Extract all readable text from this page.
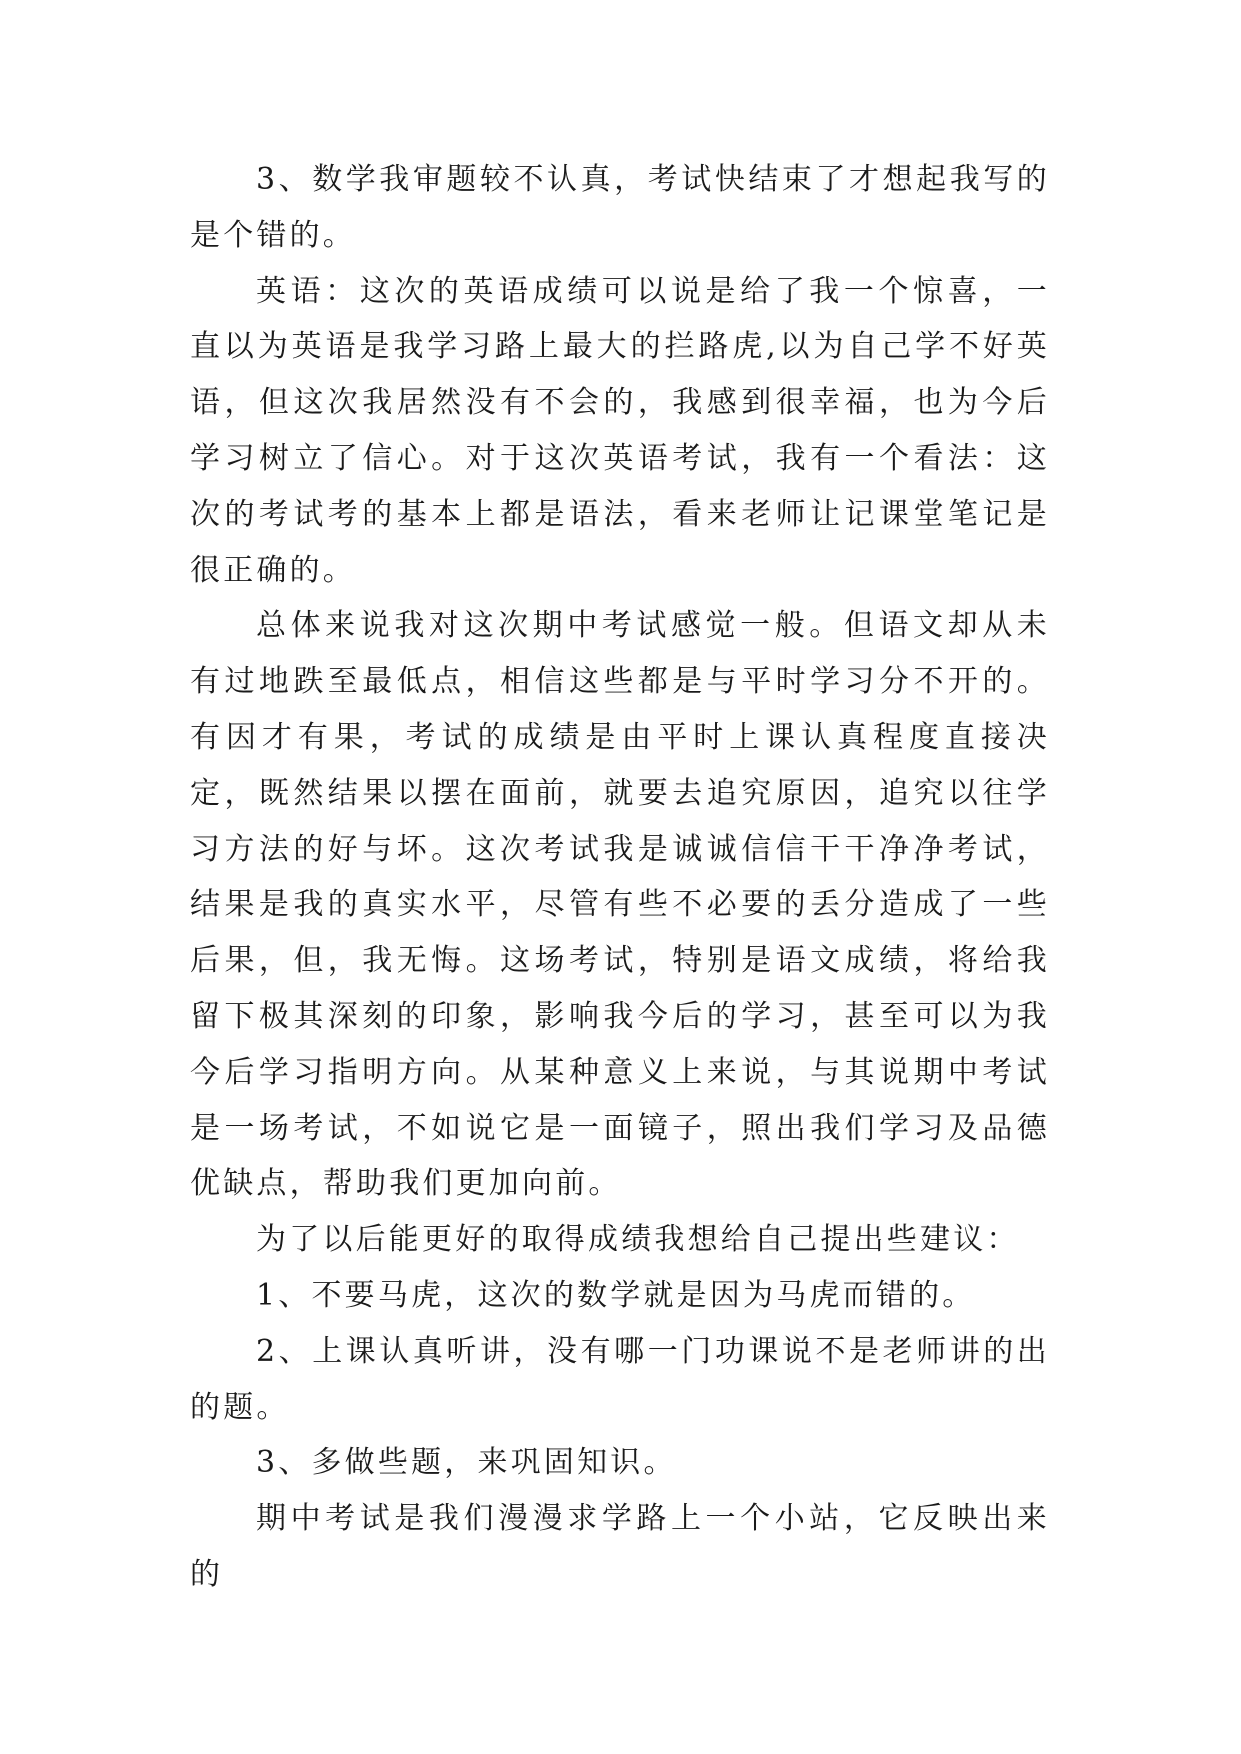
3、数学我审题较不认真，考试快结束了才想起我写的是个错的。

英语：这次的英语成绩可以说是给了我一个惊喜，一直以为英语是我学习路上最大的拦路虎,以为自己学不好英语，但这次我居然没有不会的，我感到很幸福，也为今后学习树立了信心。对于这次英语考试，我有一个看法：这次的考试考的基本上都是语法，看来老师让记课堂笔记是很正确的。

总体来说我对这次期中考试感觉一般。但语文却从未有过地跌至最低点，相信这些都是与平时学习分不开的。有因才有果，考试的成绩是由平时上课认真程度直接决定，既然结果以摆在面前，就要去追究原因，追究以往学习方法的好与坏。这次考试我是诚诚信信干干净净考试，结果是我的真实水平，尽管有些不必要的丢分造成了一些后果，但，我无悔。这场考试，特别是语文成绩，将给我留下极其深刻的印象，影响我今后的学习，甚至可以为我今后学习指明方向。从某种意义上来说，与其说期中考试是一场考试，不如说它是一面镜子，照出我们学习及品德优缺点，帮助我们更加向前。

为了以后能更好的取得成绩我想给自己提出些建议：

1、不要马虎，这次的数学就是因为马虎而错的。

2、上课认真听讲，没有哪一门功课说不是老师讲的出的题。

3、多做些题，来巩固知识。

期中考试是我们漫漫求学路上一个小站，它反映出来的
